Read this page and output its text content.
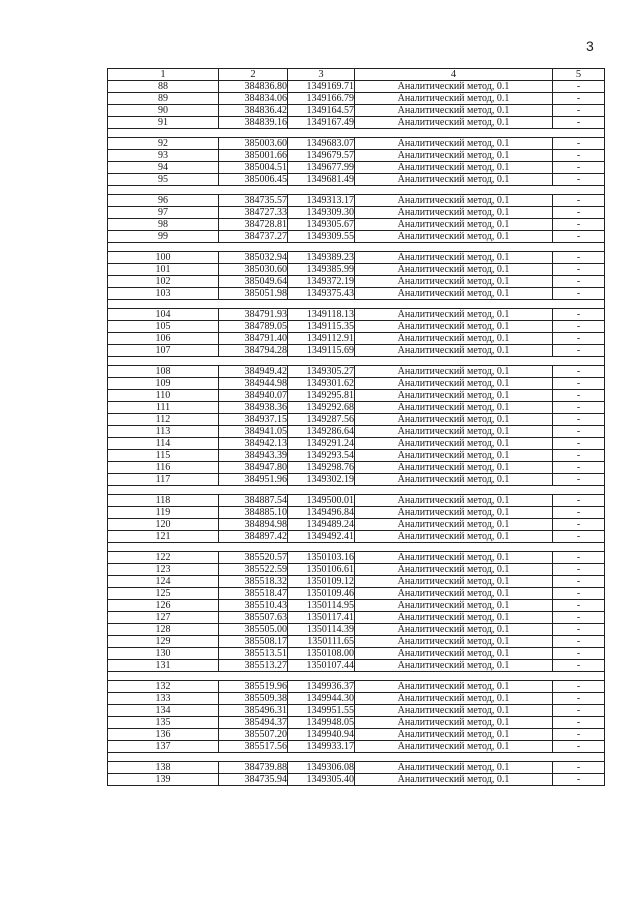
3
1	2	3	4	5
88	384836.80	1349169.71	Аналитический метод, 0.1	-
89	384834.06	1349166.79	Аналитический метод, 0.1	-
90	384836.42	1349164.57	Аналитический метод, 0.1	-
91	384839.16	1349167.49	Аналитический метод, 0.1	-

92	385003.60	1349683.07	Аналитический метод, 0.1	-
93	385001.66	1349679.57	Аналитический метод, 0.1	-
94	385004.51	1349677.99	Аналитический метод, 0.1	-
95	385006.45	1349681.49	Аналитический метод, 0.1	-

96	384735.57	1349313.17	Аналитический метод, 0.1	-
97	384727.33	1349309.30	Аналитический метод, 0.1	-
98	384728.81	1349305.67	Аналитический метод, 0.1	-
99	384737.27	1349309.55	Аналитический метод, 0.1	-

100	385032.94	1349389.23	Аналитический метод, 0.1	-
101	385030.60	1349385.99	Аналитический метод, 0.1	-
102	385049.64	1349372.19	Аналитический метод, 0.1	-
103	385051.98	1349375.43	Аналитический метод, 0.1	-

104	384791.93	1349118.13	Аналитический метод, 0.1	-
105	384789.05	1349115.35	Аналитический метод, 0.1	-
106	384791.40	1349112.91	Аналитический метод, 0.1	-
107	384794.28	1349115.69	Аналитический метод, 0.1	-

108	384949.42	1349305.27	Аналитический метод, 0.1	-
109	384944.98	1349301.62	Аналитический метод, 0.1	-
110	384940.07	1349295.81	Аналитический метод, 0.1	-
111	384938.36	1349292.68	Аналитический метод, 0.1	-
112	384937.15	1349287.56	Аналитический метод, 0.1	-
113	384941.05	1349286.64	Аналитический метод, 0.1	-
114	384942.13	1349291.24	Аналитический метод, 0.1	-
115	384943.39	1349293.54	Аналитический метод, 0.1	-
116	384947.80	1349298.76	Аналитический метод, 0.1	-
117	384951.96	1349302.19	Аналитический метод, 0.1	-

118	384887.54	1349500.01	Аналитический метод, 0.1	-
119	384885.10	1349496.84	Аналитический метод, 0.1	-
120	384894.98	1349489.24	Аналитический метод, 0.1	-
121	384897.42	1349492.41	Аналитический метод, 0.1	-

122	385520.57	1350103.16	Аналитический метод, 0.1	-
123	385522.59	1350106.61	Аналитический метод, 0.1	-
124	385518.32	1350109.12	Аналитический метод, 0.1	-
125	385518.47	1350109.46	Аналитический метод, 0.1	-
126	385510.43	1350114.95	Аналитический метод, 0.1	-
127	385507.63	1350117.41	Аналитический метод, 0.1	-
128	385505.00	1350114.39	Аналитический метод, 0.1	-
129	385508.17	1350111.65	Аналитический метод, 0.1	-
130	385513.51	1350108.00	Аналитический метод, 0.1	-
131	385513.27	1350107.44	Аналитический метод, 0.1	-

132	385519.96	1349936.37	Аналитический метод, 0.1	-
133	385509.38	1349944.30	Аналитический метод, 0.1	-
134	385496.31	1349951.55	Аналитический метод, 0.1	-
135	385494.37	1349948.05	Аналитический метод, 0.1	-
136	385507.20	1349940.94	Аналитический метод, 0.1	-
137	385517.56	1349933.17	Аналитический метод, 0.1	-

138	384739.88	1349306.08	Аналитический метод, 0.1	-
139	384735.94	1349305.40	Аналитический метод, 0.1	-
